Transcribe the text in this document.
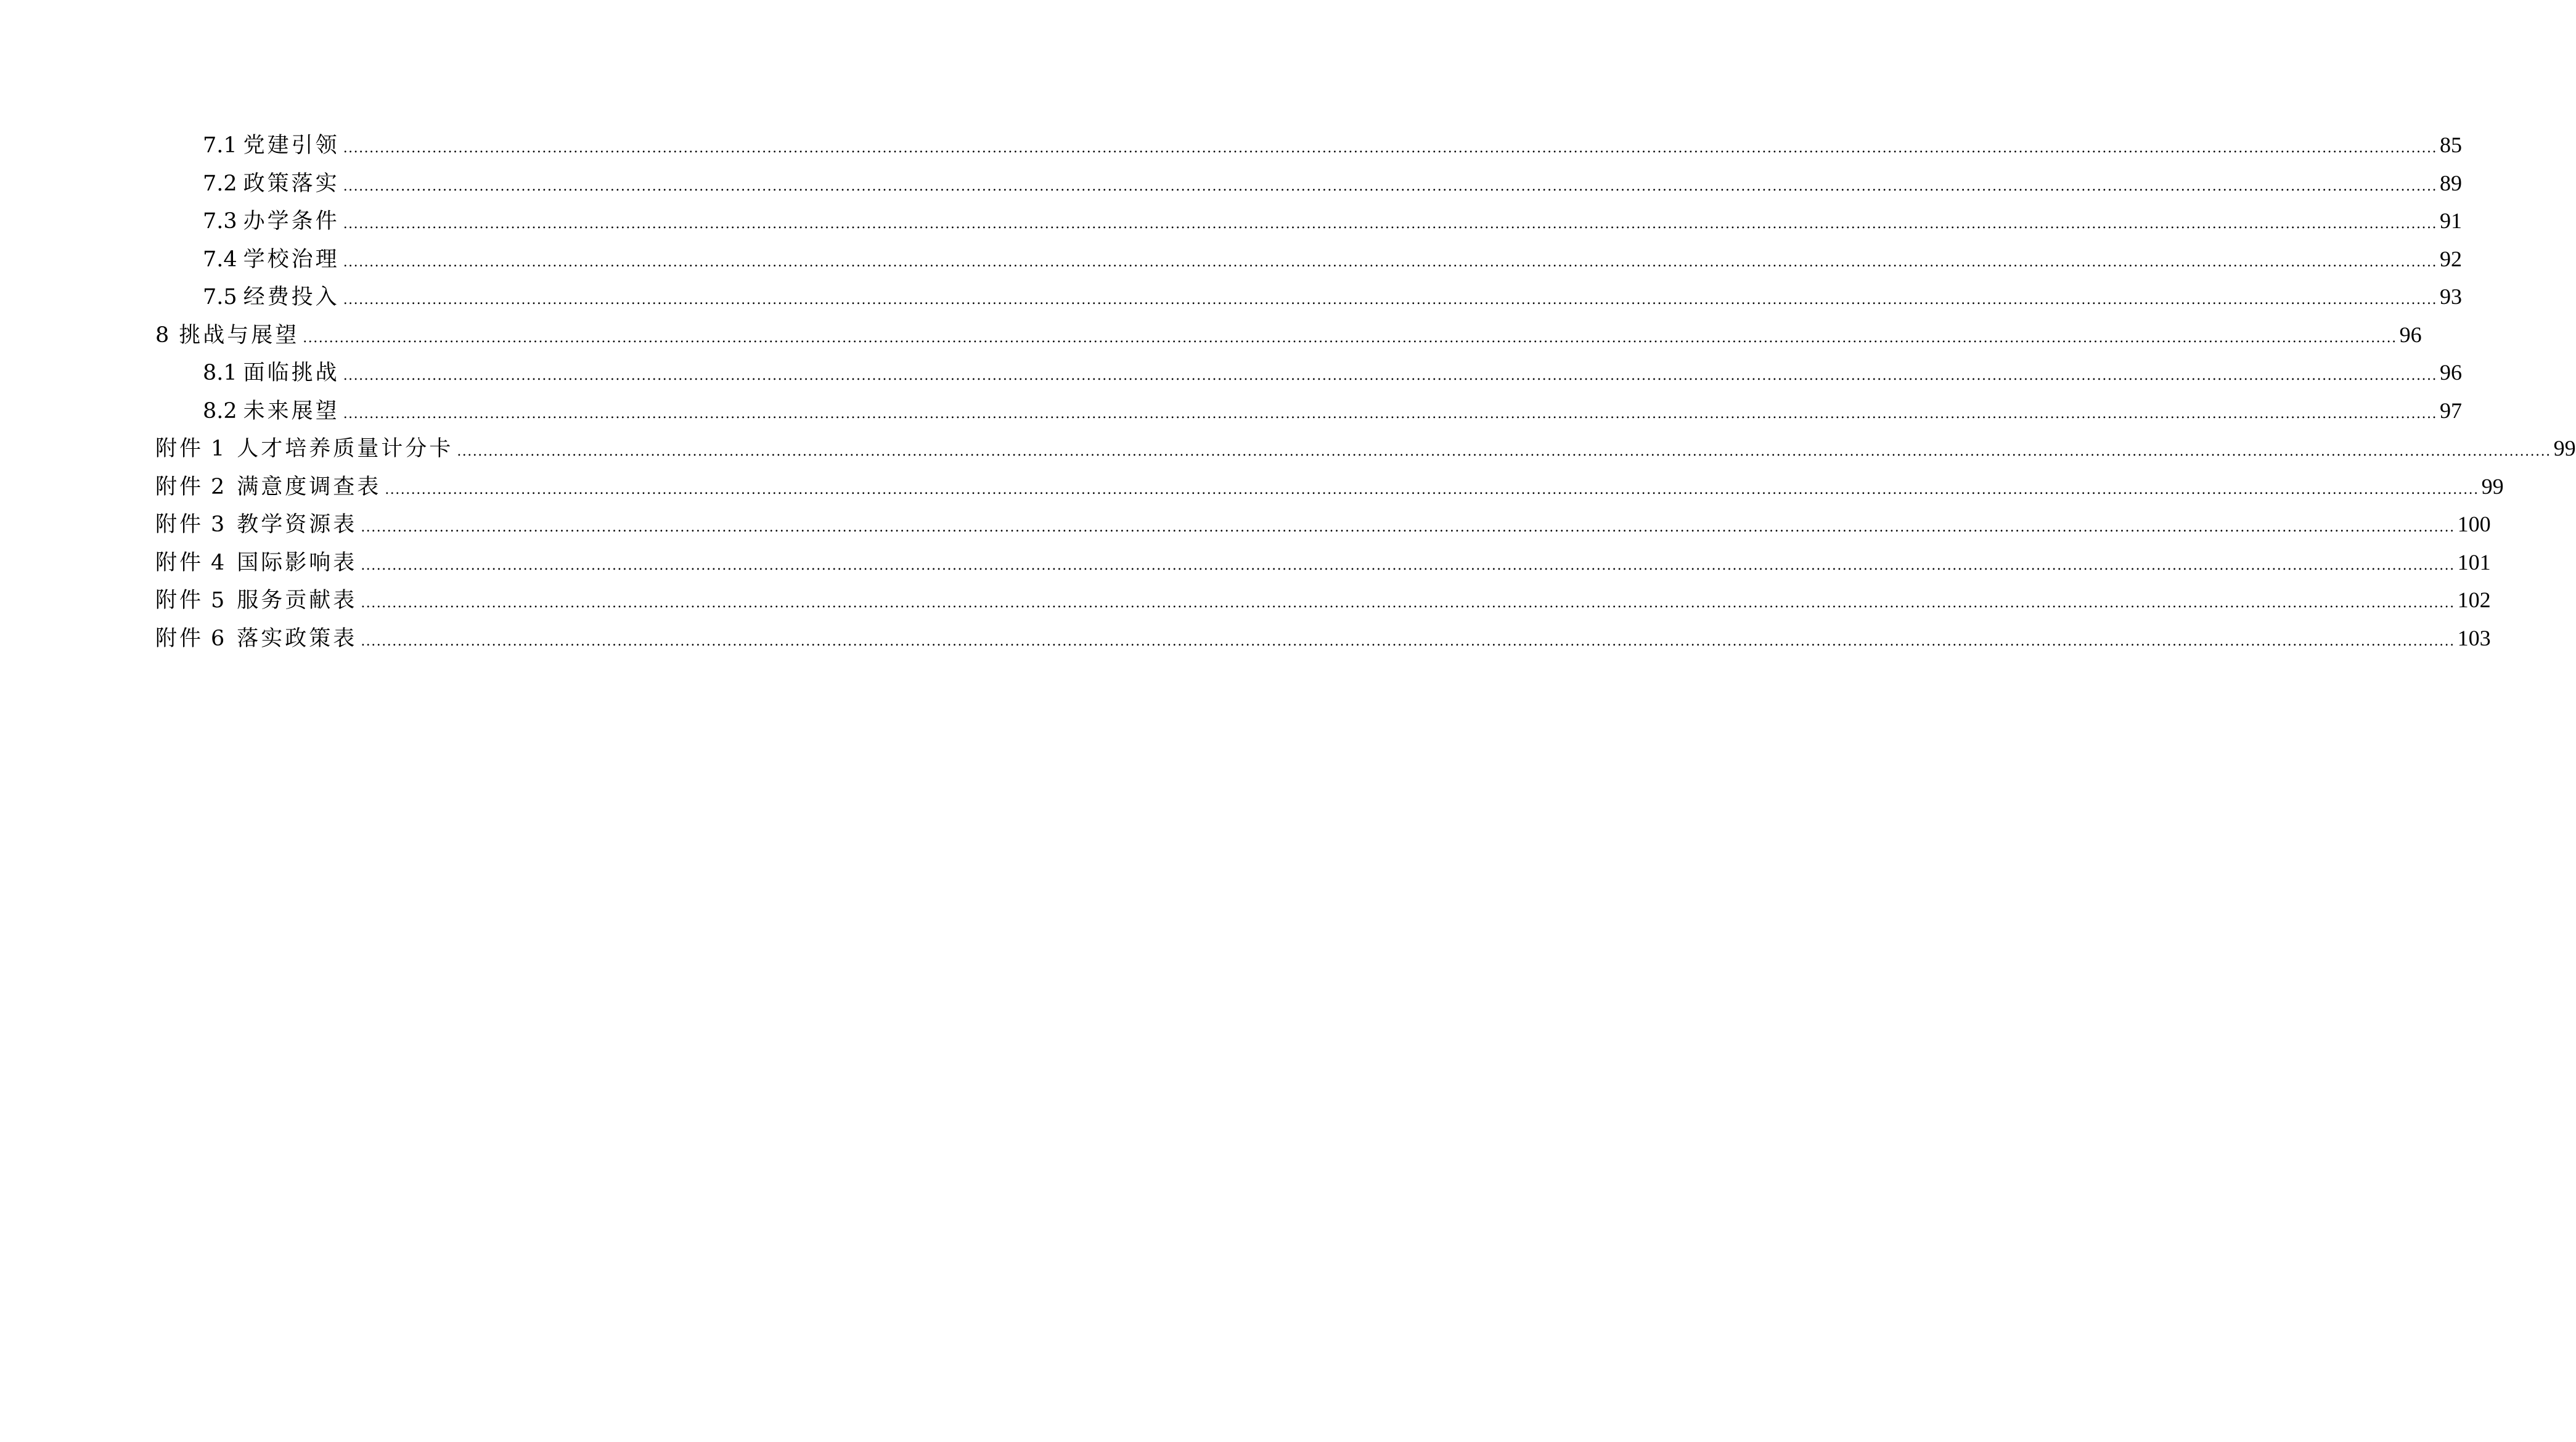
7.1 党建引领 ................................................................................................................................................................................................................................................................................................................................................................................................................ 85
7.2 政策落实 ................................................................................................................................................................................................................................................................................................................................................................................................................ 89
7.3 办学条件 ................................................................................................................................................................................................................................................................................................................................................................................................................ 91
7.4 学校治理 ................................................................................................................................................................................................................................................................................................................................................................................................................ 92
7.5 经费投入 ................................................................................................................................................................................................................................................................................................................................................................................................................ 93
8 挑战与展望 ................................................................................................................................................................................................................................................................................................................................................................................................................ 96
8.1 面临挑战 ................................................................................................................................................................................................................................................................................................................................................................................................................ 96
8.2 未来展望 ................................................................................................................................................................................................................................................................................................................................................................................................................ 97
附件 1 人才培养质量计分卡 ................................................................................................................................................................................................................................................................................................................................................................................................................ 99
附件 2 满意度调查表 ................................................................................................................................................................................................................................................................................................................................................................................................................ 99
附件 3 教学资源表 ................................................................................................................................................................................................................................................................................................................................................................................................................ 100
附件 4 国际影响表 ................................................................................................................................................................................................................................................................................................................................................................................................................ 101
附件 5 服务贡献表 ................................................................................................................................................................................................................................................................................................................................................................................................................ 102
附件 6 落实政策表 ................................................................................................................................................................................................................................................................................................................................................................................................................ 103
